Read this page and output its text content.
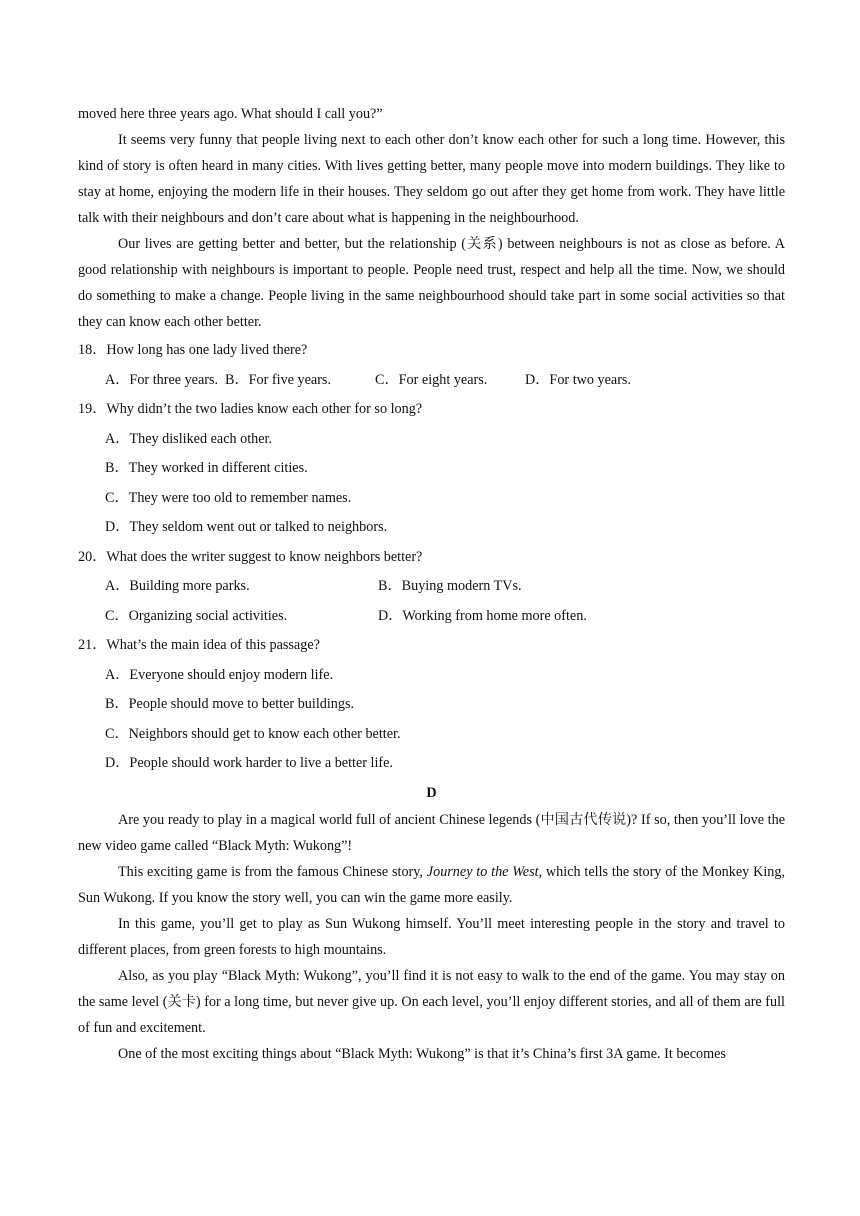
moved here three years ago. What should I call you?”

It seems very funny that people living next to each other don’t know each other for such a long time. However, this kind of story is often heard in many cities. With lives getting better, many people move into modern buildings. They like to stay at home, enjoying the modern life in their houses. They seldom go out after they get home from work. They have little talk with their neighbours and don’t care about what is happening in the neighbourhood.

Our lives are getting better and better, but the relationship (关系) between neighbours is not as close as before. A good relationship with neighbours is important to people. People need trust, respect and help all the time. Now, we should do something to make a change. People living in the same neighbourhood should take part in some social activities so that they can know each other better.

18．How long has one lady lived there?

A．For three years. B．For five years.	C．For eight years.	D．For two years.

19．Why didn’t the two ladies know each other for so long?

A．They disliked each other.

B．They worked in different cities.

C．They were too old to remember names.

D．They seldom went out or talked to neighbors.

20．What does the writer suggest to know neighbors better?

A．Building more parks.	B．Buying modern TVs.
C．Organizing social activities.	D．Working from home more often.

21．What’s the main idea of this passage?

A．Everyone should enjoy modern life.

B．People should move to better buildings.

C．Neighbors should get to know each other better.

D．People should work harder to live a better life.

D

Are you ready to play in a magical world full of ancient Chinese legends (中国古代传说)? If so, then you’ll love the new video game called “Black Myth: Wukong”!

This exciting game is from the famous Chinese story, Journey to the West, which tells the story of the Monkey King, Sun Wukong. If you know the story well, you can win the game more easily.

In this game, you’ll get to play as Sun Wukong himself. You’ll meet interesting people in the story and travel to different places, from green forests to high mountains.

Also, as you play “Black Myth: Wukong”, you’ll find it is not easy to walk to the end of the game. You may stay on the same level (关卡) for a long time, but never give up. On each level, you’ll enjoy different stories, and all of them are full of fun and excitement.

One of the most exciting things about “Black Myth: Wukong” is that it’s China’s first 3A game. It becomes
